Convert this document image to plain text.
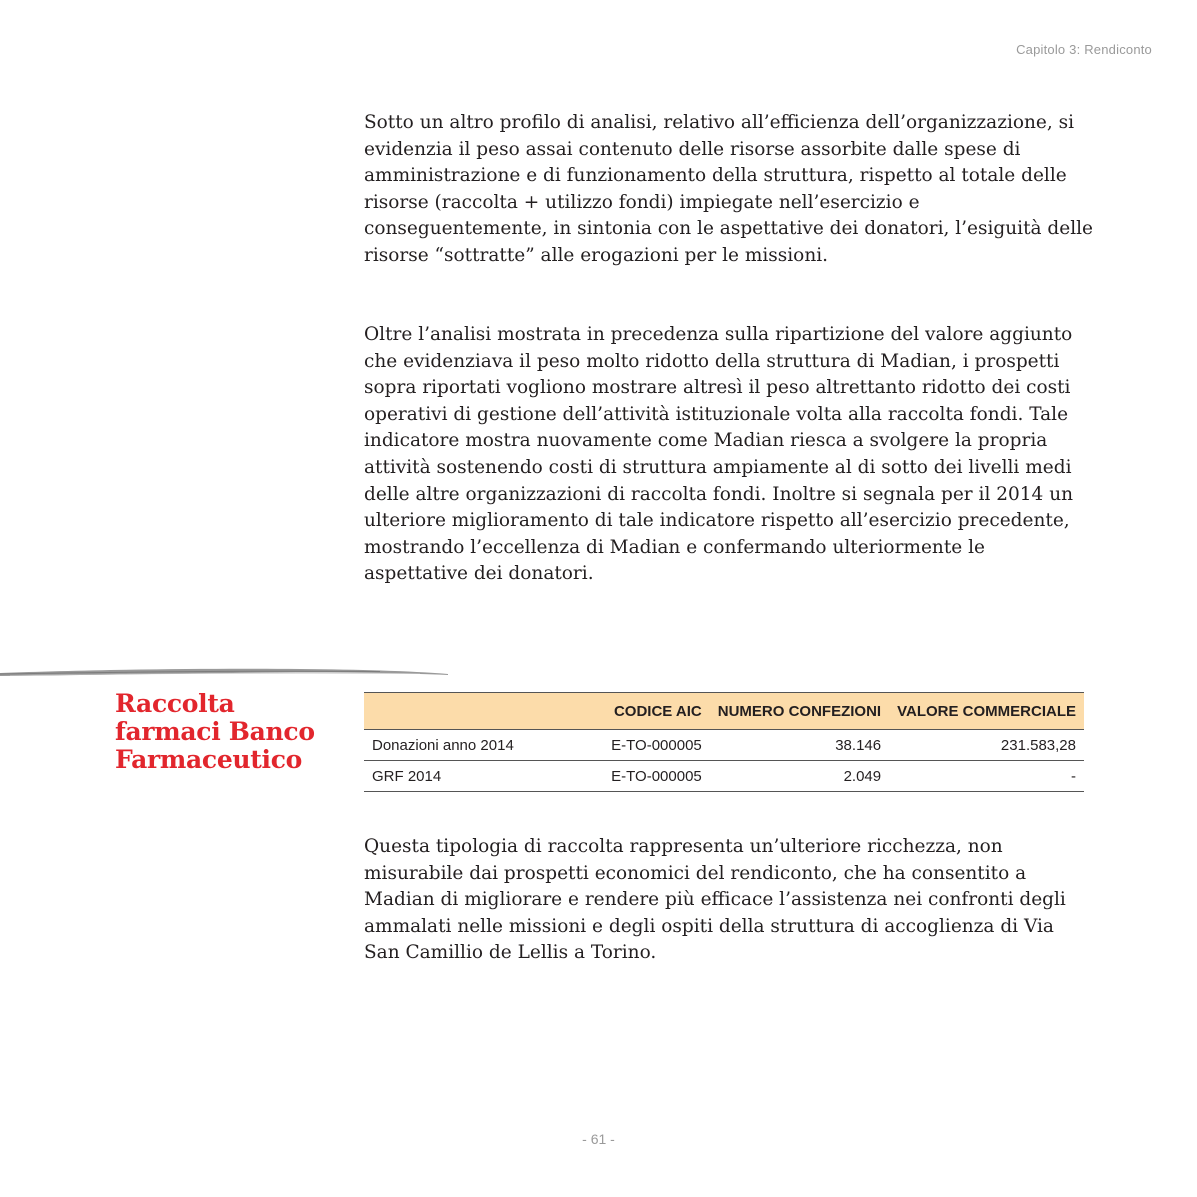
Capitolo 3: Rendiconto

Sotto un altro profilo di analisi, relativo all’efficienza dell’organizzazione, si evidenzia il peso assai contenuto delle risorse assorbite dalle spese di amministrazione e di funzionamento della struttura, rispetto al totale delle risorse (raccolta + utilizzo fondi) impiegate nell’esercizio e conseguentemente, in sintonia con le aspettative dei donatori, l’esiguità delle risorse “sottratte” alle erogazioni per le missioni.

Oltre l’analisi mostrata in precedenza sulla ripartizione del valore aggiunto che evidenziava il peso molto ridotto della struttura di Madian, i prospetti sopra riportati vogliono mostrare altresì il peso altrettanto ridotto dei costi operativi di gestione dell’attività istituzionale volta alla raccolta fondi. Tale indicatore mostra nuovamente come Madian riesca a svolgere la propria attività sostenendo costi di struttura ampiamente al di sotto dei livelli medi delle altre organizzazioni di raccolta fondi. Inoltre si segnala per il 2014 un ulteriore miglioramento di tale indicatore rispetto all’esercizio precedente, mostrando l’eccellenza di Madian e confermando ulteriormente le aspettative dei donatori.

Raccolta farmaci Banco Farmaceutico
	CODICE AIC	NUMERO CONFEZIONI	VALORE COMMERCIALE
Donazioni anno 2014	E-TO-000005	38.146	231.583,28
GRF 2014	E-TO-000005	2.049	-

Questa tipologia di raccolta rappresenta un’ulteriore ricchezza, non misurabile dai prospetti economici del rendiconto, che ha consentito a Madian di migliorare e rendere più efficace l’assistenza nei confronti degli ammalati nelle missioni e degli ospiti della struttura di accoglienza di Via San Camillio de Lellis a Torino.

- 61 -
